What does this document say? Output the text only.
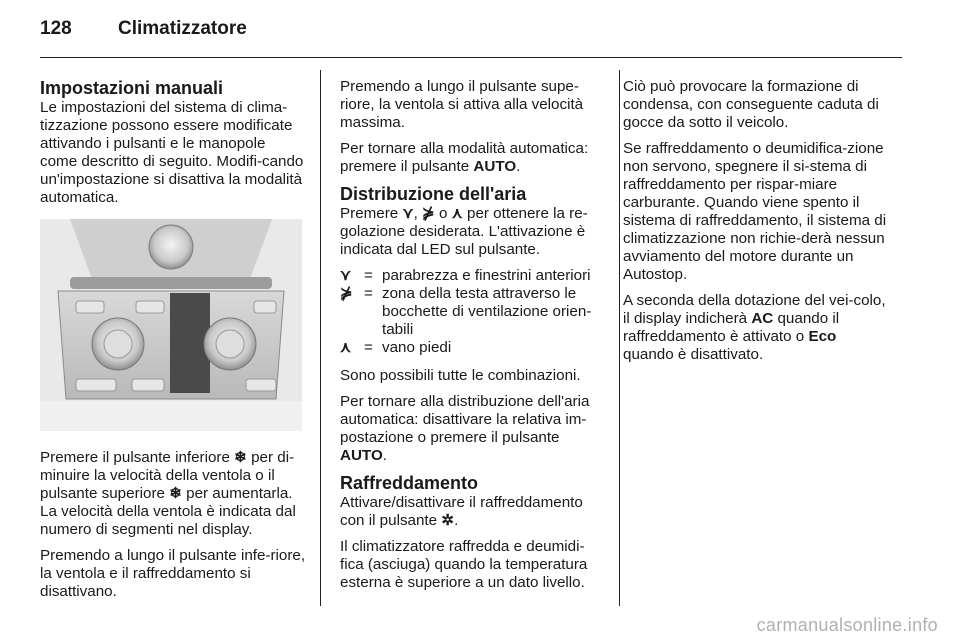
128 Climatizzatore
Impostazioni manuali

Le impostazioni del sistema di clima-tizzazione possono essere modificate attivando i pulsanti e le manopole come descritto di seguito. Modifi-cando un'impostazione si disattiva la modalità automatica.

Premere il pulsante inferiore ❄ per di-minuire la velocità della ventola o il pulsante superiore ❄ per aumentarla. La velocità della ventola è indicata dal numero di segmenti nel display.

Premendo a lungo il pulsante infe-riore, la ventola e il raffreddamento si disattivano.

Premendo a lungo il pulsante supe-riore, la ventola si attiva alla velocità massima.

Per tornare alla modalità automatica: premere il pulsante AUTO.

Distribuzione dell'aria

Premere ⋎, ⋡ o ⋏ per ottenere la re-golazione desiderata. L'attivazione è indicata dal LED sul pulsante.

⋎ = parabrezza e finestrini anteriori
⋡ = zona della testa attraverso le bocchette di ventilazione orien-tabili
⋏ = vano piedi

Sono possibili tutte le combinazioni.

Per tornare alla distribuzione dell'aria automatica: disattivare la relativa im-postazione o premere il pulsante AUTO.

Raffreddamento

Attivare/disattivare il raffreddamento con il pulsante ✲.

Il climatizzatore raffredda e deumidi-fica (asciuga) quando la temperatura esterna è superiore a un dato livello.

Ciò può provocare la formazione di condensa, con conseguente caduta di gocce da sotto il veicolo.

Se raffreddamento o deumidifica-zione non servono, spegnere il si-stema di raffreddamento per rispar-miare carburante. Quando viene spento il sistema di raffreddamento, il sistema di climatizzazione non richie-derà nessun avviamento del motore durante un Autostop.

A seconda della dotazione del vei-colo, il display indicherà AC quando il raffreddamento è attivato o Eco quando è disattivato.

carmanualsonline.info
